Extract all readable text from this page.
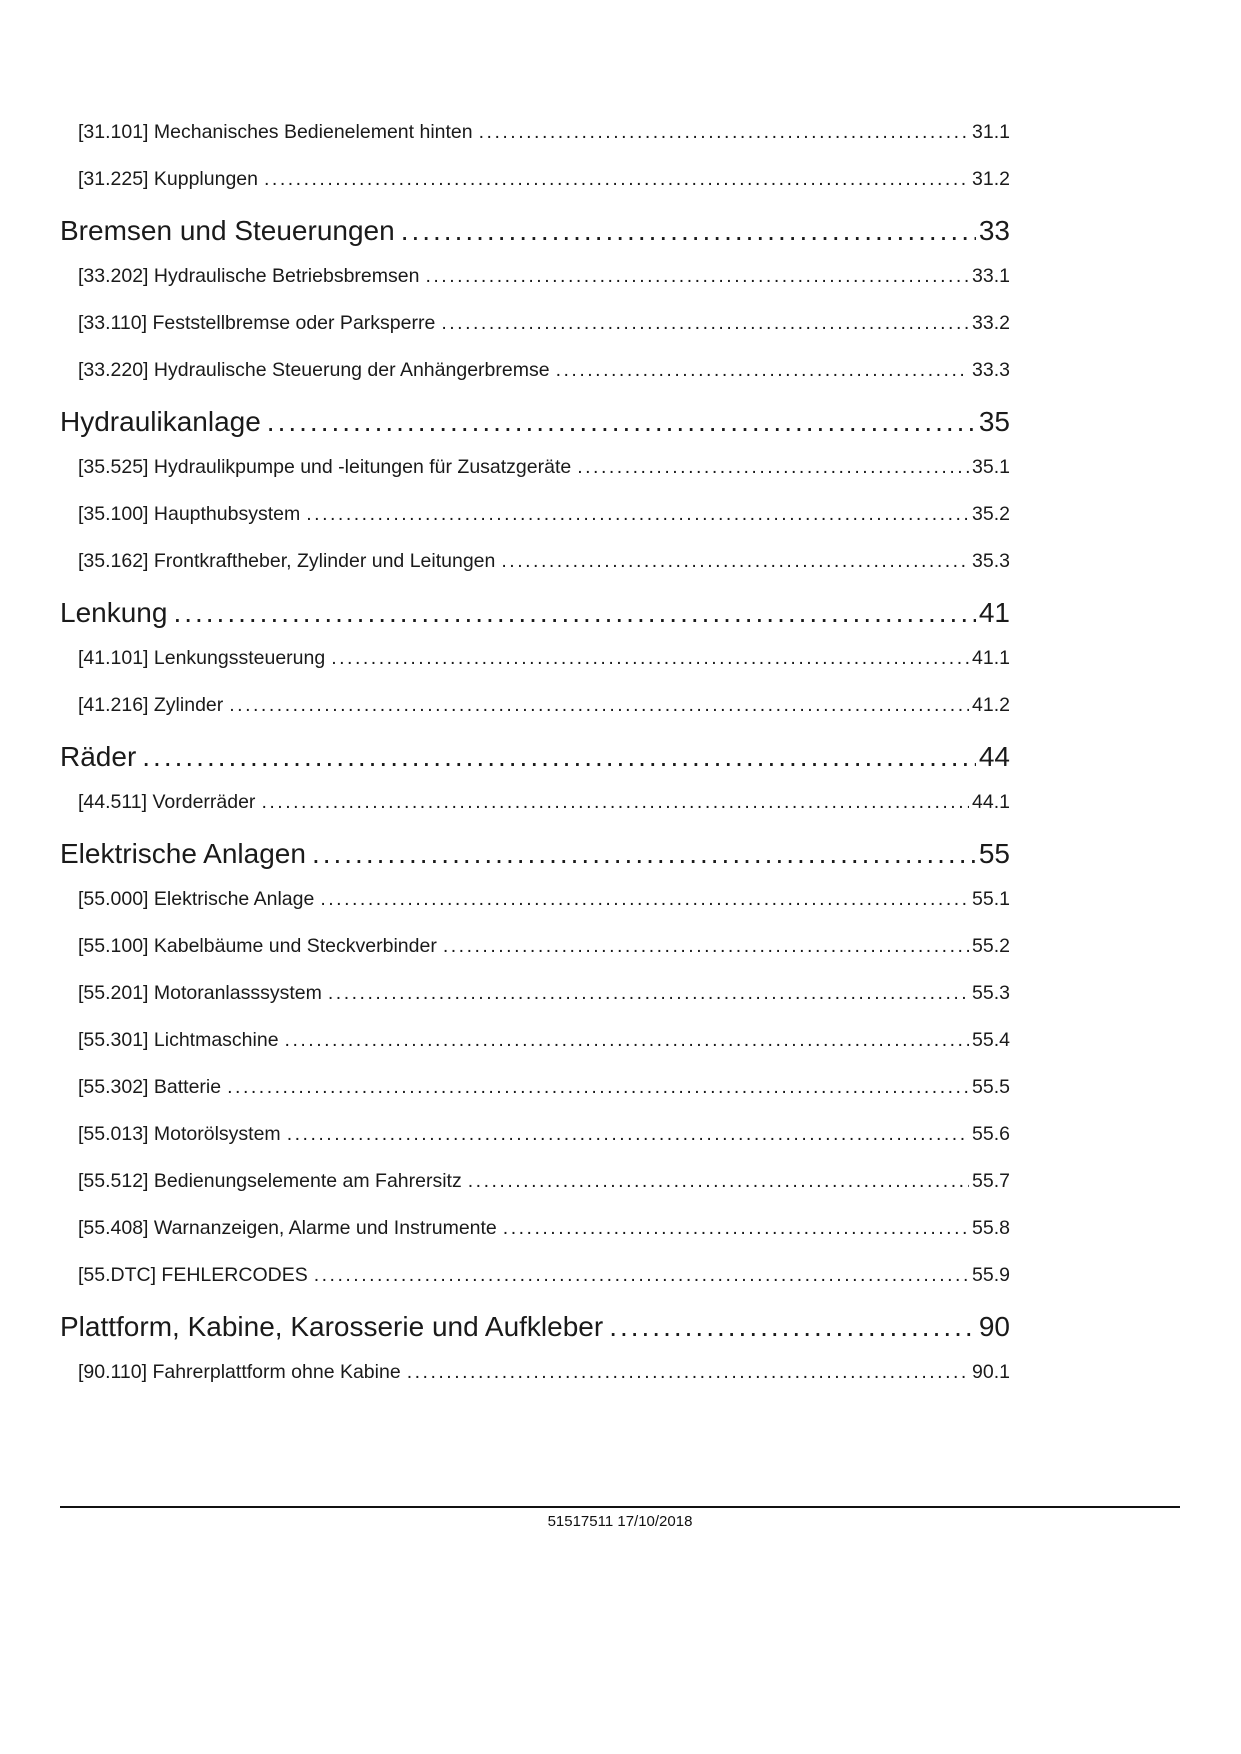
[31.101] Mechanisches Bedienelement hinten .....	31.1
[31.225] Kupplungen .....	31.2
Bremsen und Steuerungen .....	33
[33.202] Hydraulische Betriebsbremsen .....	33.1
[33.110] Feststellbremse oder Parksperre .....	33.2
[33.220] Hydraulische Steuerung der Anhängerbremse .....	33.3
Hydraulikanlage .....	35
[35.525] Hydraulikpumpe und -leitungen für Zusatzgeräte .....	35.1
[35.100] Haupthubsystem .....	35.2
[35.162] Frontkraftheber, Zylinder und Leitungen .....	35.3
Lenkung .....	41
[41.101] Lenkungssteuerung .....	41.1
[41.216] Zylinder .....	41.2
Räder .....	44
[44.511] Vorderräder .....	44.1
Elektrische Anlagen .....	55
[55.000] Elektrische Anlage .....	55.1
[55.100] Kabelbäume und Steckverbinder .....	55.2
[55.201] Motoranlasssystem .....	55.3
[55.301] Lichtmaschine .....	55.4
[55.302] Batterie .....	55.5
[55.013] Motorölsystem .....	55.6
[55.512] Bedienungselemente am Fahrersitz .....	55.7
[55.408] Warnanzeigen, Alarme und Instrumente .....	55.8
[55.DTC] FEHLERCODES .....	55.9
Plattform, Kabine, Karosserie und Aufkleber .....	90
[90.110] Fahrerplattform ohne Kabine .....	90.1
51517511 17/10/2018
